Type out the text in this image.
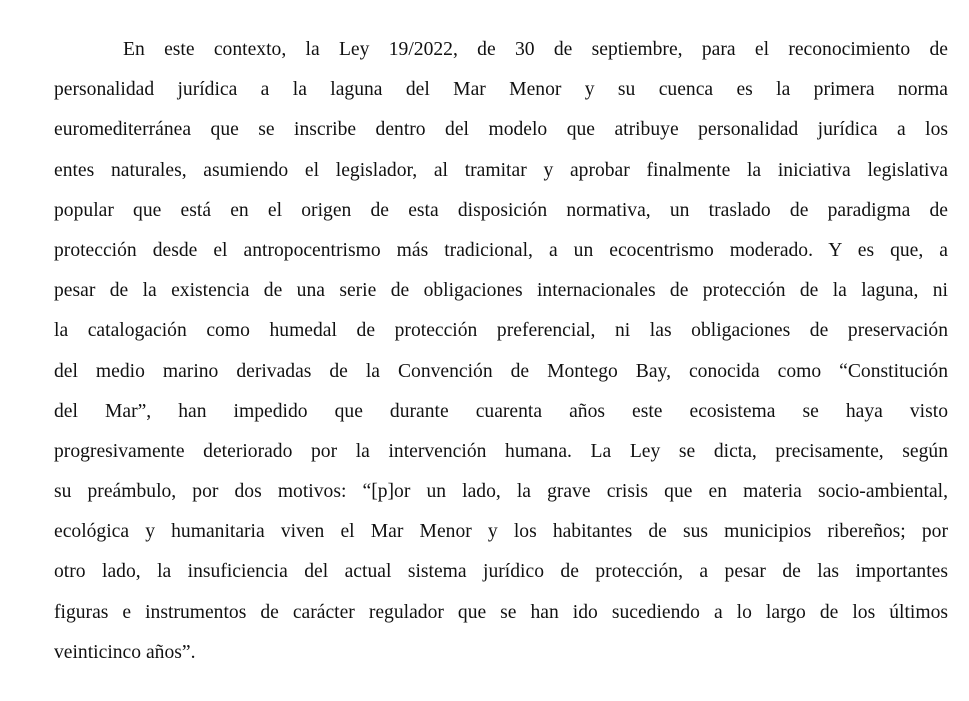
En este contexto, la Ley 19/2022, de 30 de septiembre, para el reconocimiento de
personalidad jurídica a la laguna del Mar Menor y su cuenca es la primera norma
euromediterránea que se inscribe dentro del modelo que atribuye personalidad jurídica a los
entes naturales, asumiendo el legislador, al tramitar y aprobar finalmente la iniciativa legislativa
popular que está en el origen de esta disposición normativa, un traslado de paradigma de
protección desde el antropocentrismo más tradicional, a un ecocentrismo moderado. Y es que, a
pesar de la existencia de una serie de obligaciones internacionales de protección de la laguna, ni
la catalogación como humedal de protección preferencial, ni las obligaciones de preservación
del medio marino derivadas de la Convención de Montego Bay, conocida como “Constitución
del Mar”, han impedido que durante cuarenta años este ecosistema se haya visto
progresivamente deteriorado por la intervención humana. La Ley se dicta, precisamente, según
su preámbulo, por dos motivos: “[p]or un lado, la grave crisis que en materia socio-ambiental,
ecológica y humanitaria viven el Mar Menor y los habitantes de sus municipios ribereños; por
otro lado, la insuficiencia del actual sistema jurídico de protección, a pesar de las importantes
figuras e instrumentos de carácter regulador que se han ido sucediendo a lo largo de los últimos
veinticinco años”.
